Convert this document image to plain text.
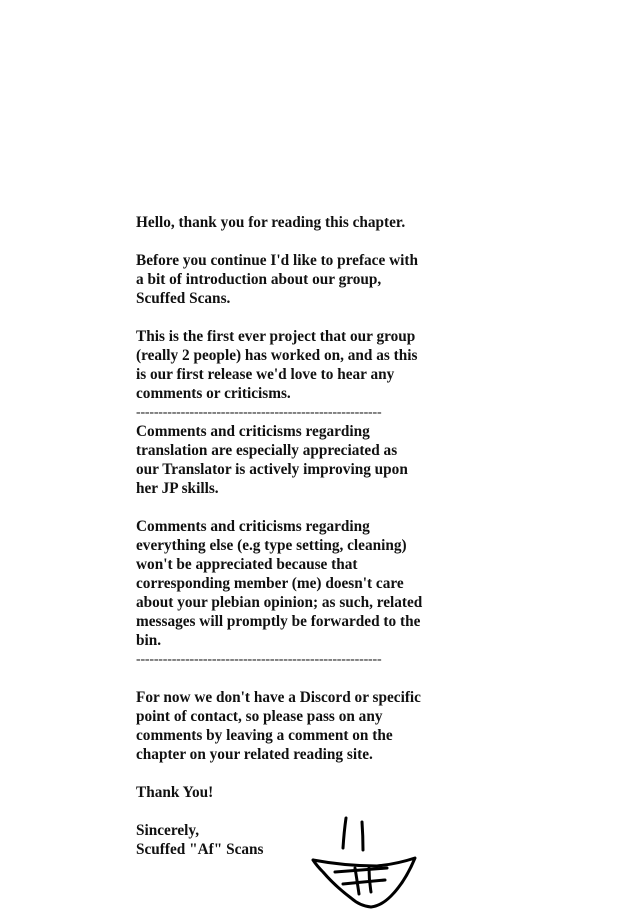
Hello, thank you for reading this chapter.

Before you continue I'd like to preface with
a bit of introduction about our group,
Scuffed Scans.

This is the first ever project that our group
(really 2 people) has worked on, and as this
is our first release we'd love to hear any
comments or criticisms.

-------------------------------------------------------

Comments and criticisms regarding
translation are especially appreciated as
our Translator is actively improving upon
her JP skills.

Comments and criticisms regarding
everything else (e.g type setting, cleaning)
won't be appreciated because that
corresponding member (me) doesn't care
about your plebian opinion; as such, related
messages will promptly be forwarded to the
bin.

-------------------------------------------------------

For now we don't have a Discord or specific
point of contact, so please pass on any
comments by leaving a comment on the
chapter on your related reading site.

Thank You!

Sincerely,

Scuffed "Af" Scans
